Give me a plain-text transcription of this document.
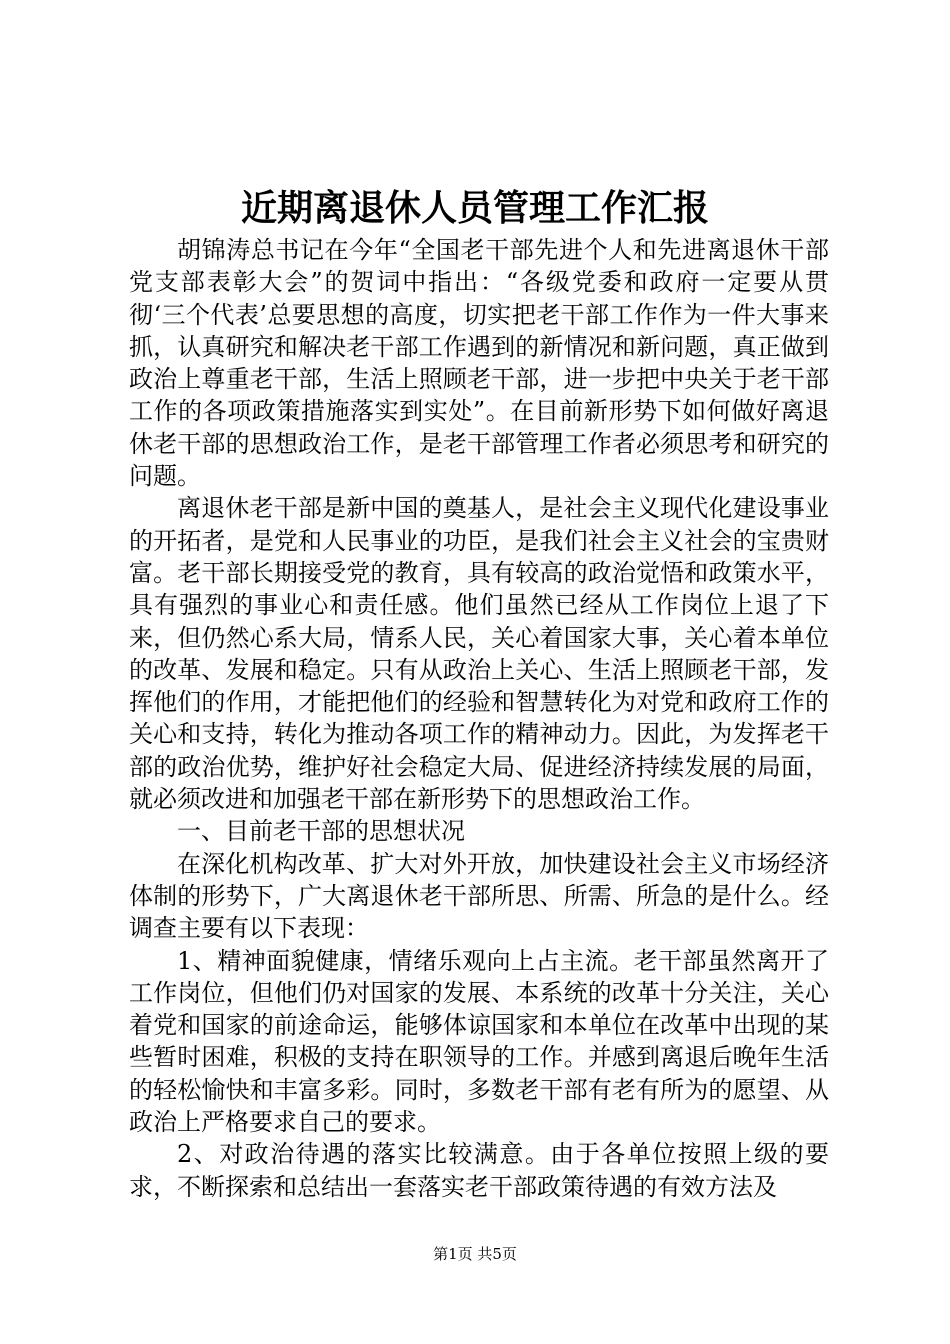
近期离退休人员管理工作汇报

胡锦涛总书记在今年“全国老干部先进个人和先进离退休干部党支部表彰大会”的贺词中指出：“各级党委和政府一定要从贯彻‘三个代表’总要思想的高度，切实把老干部工作作为一件大事来抓，认真研究和解决老干部工作遇到的新情况和新问题，真正做到政治上尊重老干部，生活上照顾老干部，进一步把中央关于老干部工作的各项政策措施落实到实处”。在目前新形势下如何做好离退休老干部的思想政治工作，是老干部管理工作者必须思考和研究的问题。

离退休老干部是新中国的奠基人，是社会主义现代化建设事业的开拓者，是党和人民事业的功臣，是我们社会主义社会的宝贵财富。老干部长期接受党的教育，具有较高的政治觉悟和政策水平，具有强烈的事业心和责任感。他们虽然已经从工作岗位上退了下来，但仍然心系大局，情系人民，关心着国家大事，关心着本单位的改革、发展和稳定。只有从政治上关心、生活上照顾老干部，发挥他们的作用，才能把他们的经验和智慧转化为对党和政府工作的关心和支持，转化为推动各项工作的精神动力。因此，为发挥老干部的政治优势，维护好社会稳定大局、促进经济持续发展的局面，就必须改进和加强老干部在新形势下的思想政治工作。

一、目前老干部的思想状况

在深化机构改革、扩大对外开放，加快建设社会主义市场经济体制的形势下，广大离退休老干部所思、所需、所急的是什么。经调查主要有以下表现：

1、精神面貌健康，情绪乐观向上占主流。老干部虽然离开了工作岗位，但他们仍对国家的发展、本系统的改革十分关注，关心着党和国家的前途命运，能够体谅国家和本单位在改革中出现的某些暂时困难，积极的支持在职领导的工作。并感到离退后晚年生活的轻松愉快和丰富多彩。同时，多数老干部有老有所为的愿望、从政治上严格要求自己的要求。

2、对政治待遇的落实比较满意。由于各单位按照上级的要求，不断探索和总结出一套落实老干部政策待遇的有效方法及

第1页 共5页
